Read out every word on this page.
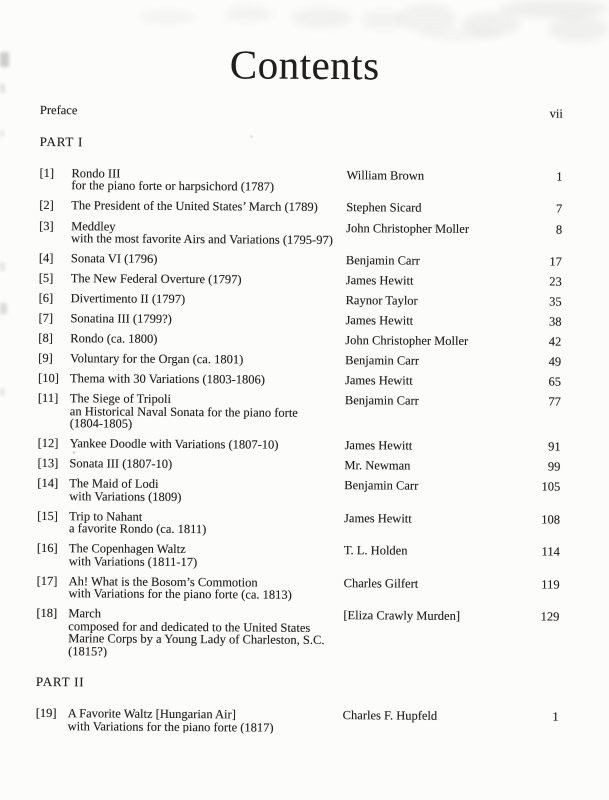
Contents
Preface	vii
PART I
[1]	Rondo III
for the piano forte or harpsichord (1787)
William Brown	1
[2]	The President of the United States’ March (1789)	Stephen Sicard	7
[3]	Meddley
with the most favorite Airs and Variations (1795-97)
John Christopher Moller	8
[4]	Sonata VI (1796)	Benjamin Carr	17
[5]	The New Federal Overture (1797)	James Hewitt	23
[6]	Divertimento II (1797)	Raynor Taylor	35
[7]	Sonatina III (1799?)	James Hewitt	38
[8]	Rondo (ca. 1800)	John Christopher Moller	42
[9]	Voluntary for the Organ (ca. 1801)	Benjamin Carr	49
[10] Thema with 30 Variations (1803-1806)	James Hewitt	65
[11] The Siege of Tripoli
an Historical Naval Sonata for the piano forte
(1804-1805)
Benjamin Carr	77
[12] Yankee Doodle with Variations (1807-10)	James Hewitt	91
[13] Sonata III (1807-10)	Mr. Newman	99
[14] The Maid of Lodi
with Variations (1809)
Benjamin Carr	105
[15] Trip to Nahant
a favorite Rondo (ca. 1811)
James Hewitt	108
[16] The Copenhagen Waltz
with Variations (1811-17)
T. L. Holden	114
[17] Ah! What is the Bosom’s Commotion
with Variations for the piano forte (ca. 1813)
Charles Gilfert	119
[18] March
composed for and dedicated to the United States
Marine Corps by a Young Lady of Charleston, S.C.
(1815?)
[Eliza Crawly Murden]	129
PART II
[19] A Favorite Waltz [Hungarian Air]
with Variations for the piano forte (1817)
Charles F. Hupfeld	1
